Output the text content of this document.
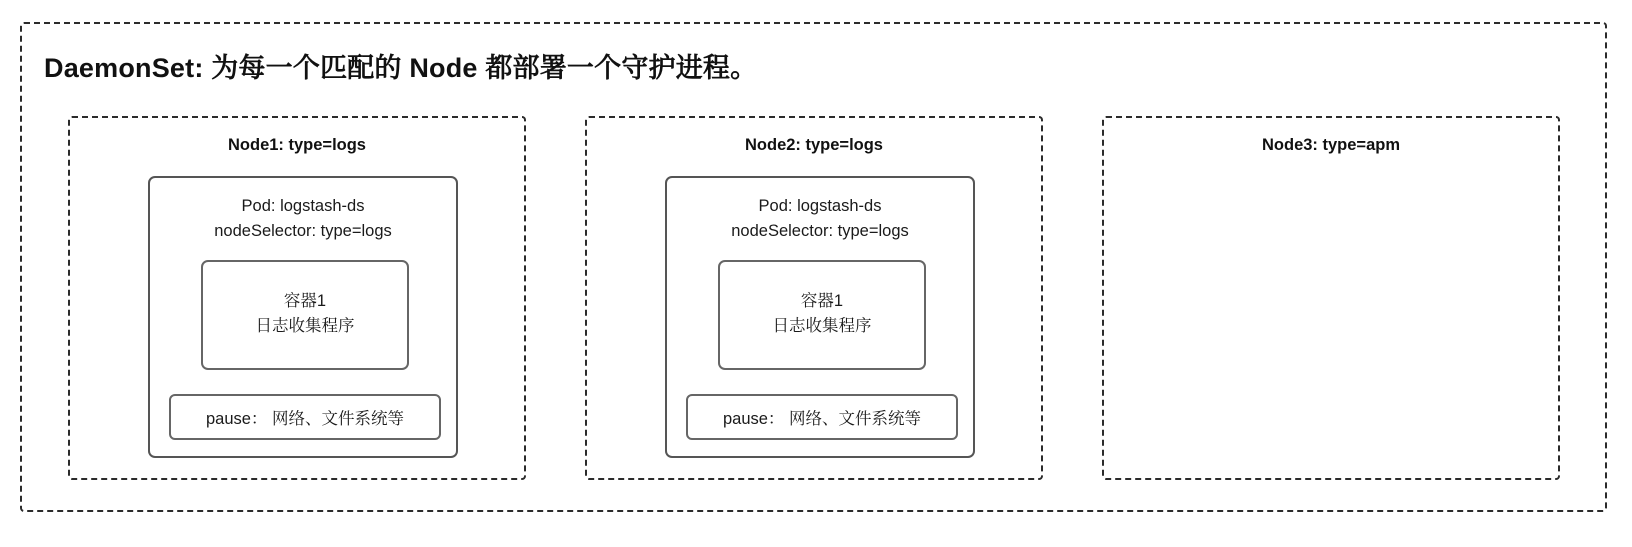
DaemonSet: 为每一个匹配的 Node 都部署一个守护进程。
Node1: type=logs
Pod: logstash-ds
nodeSelector: type=logs
容器1
日志收集程序
pause： 网络、文件系统等
Node2: type=logs
Pod: logstash-ds
nodeSelector: type=logs
容器1
日志收集程序
pause： 网络、文件系统等
Node3: type=apm
